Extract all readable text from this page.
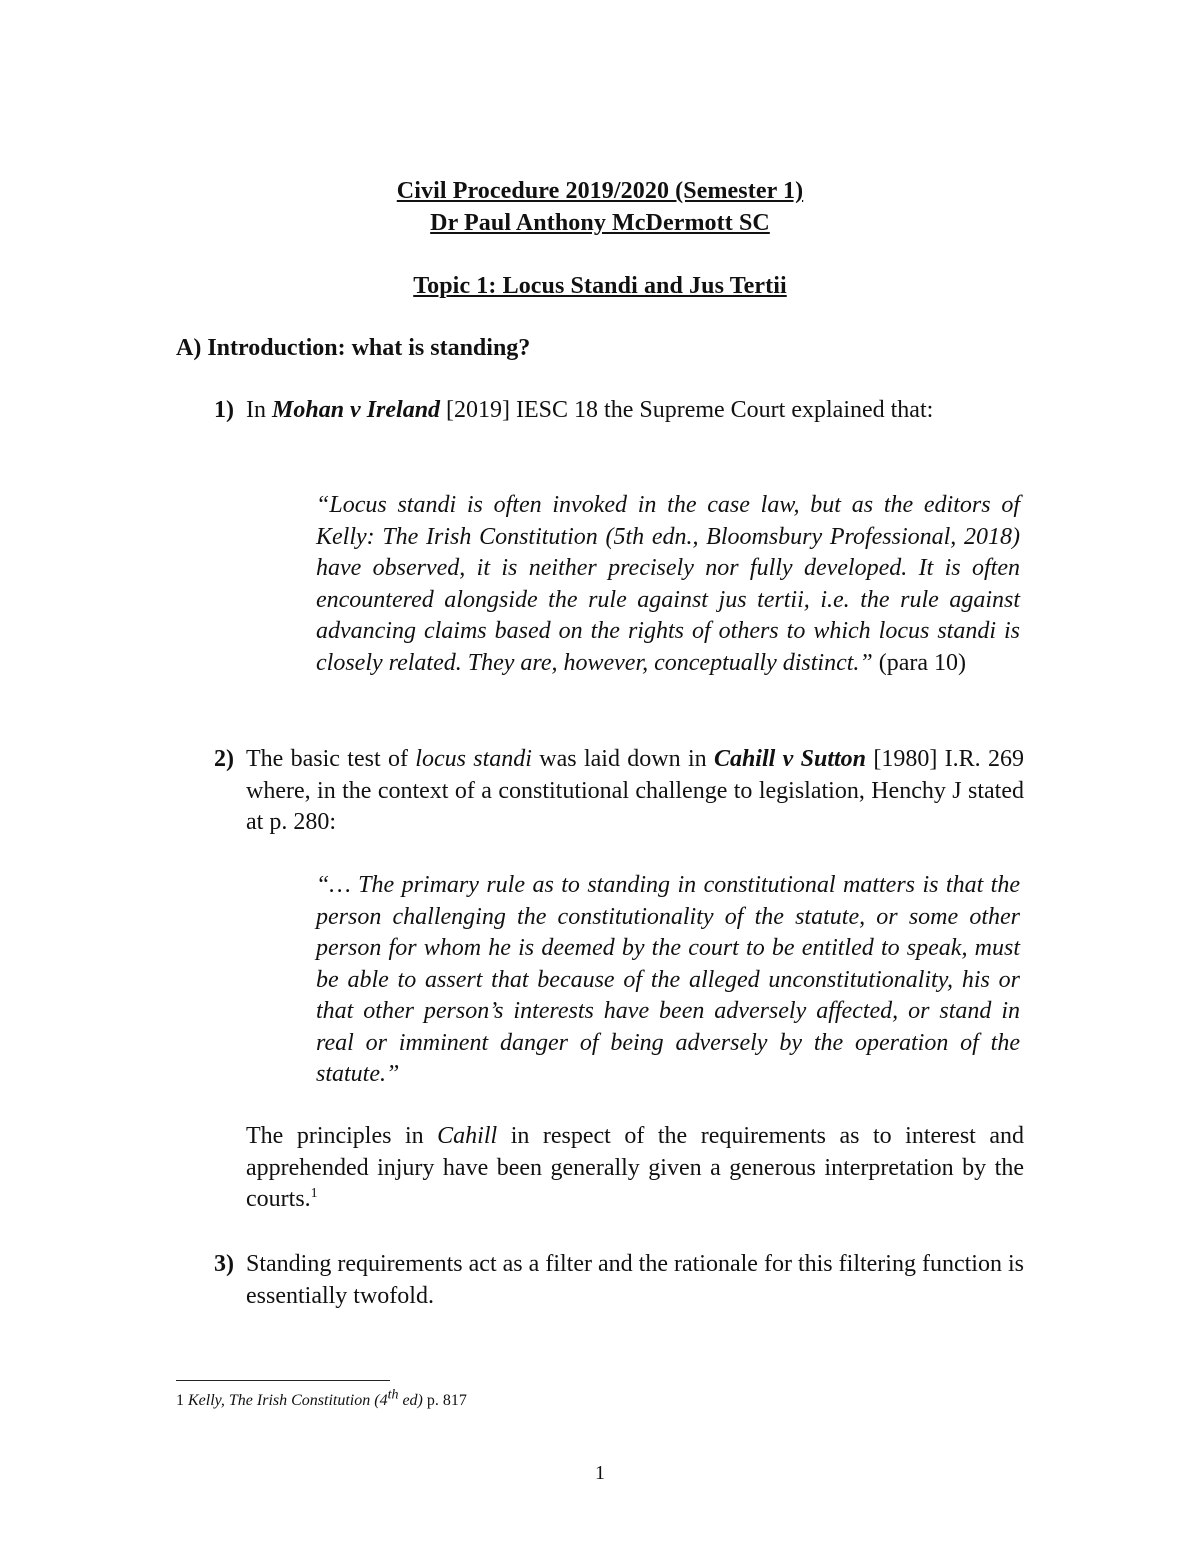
Civil Procedure 2019/2020 (Semester 1)
Dr Paul Anthony McDermott SC
Topic 1: Locus Standi and Jus Tertii
A) Introduction: what is standing?
1) In Mohan v Ireland [2019] IESC 18 the Supreme Court explained that:
“Locus standi is often invoked in the case law, but as the editors of Kelly: The Irish Constitution (5th edn., Bloomsbury Professional, 2018) have observed, it is neither precisely nor fully developed. It is often encountered alongside the rule against jus tertii, i.e. the rule against advancing claims based on the rights of others to which locus standi is closely related. They are, however, conceptually distinct.” (para 10)
2) The basic test of locus standi was laid down in Cahill v Sutton [1980] I.R. 269 where, in the context of a constitutional challenge to legislation, Henchy J stated at p. 280:
“… The primary rule as to standing in constitutional matters is that the person challenging the constitutionality of the statute, or some other person for whom he is deemed by the court to be entitled to speak, must be able to assert that because of the alleged unconstitutionality, his or that other person’s interests have been adversely affected, or stand in real or imminent danger of being adversely by the operation of the statute.”
The principles in Cahill in respect of the requirements as to interest and apprehended injury have been generally given a generous interpretation by the courts.$^1$
3) Standing requirements act as a filter and the rationale for this filtering function is essentially twofold.
1 Kelly, The Irish Constitution (4th ed) p. 817
1
